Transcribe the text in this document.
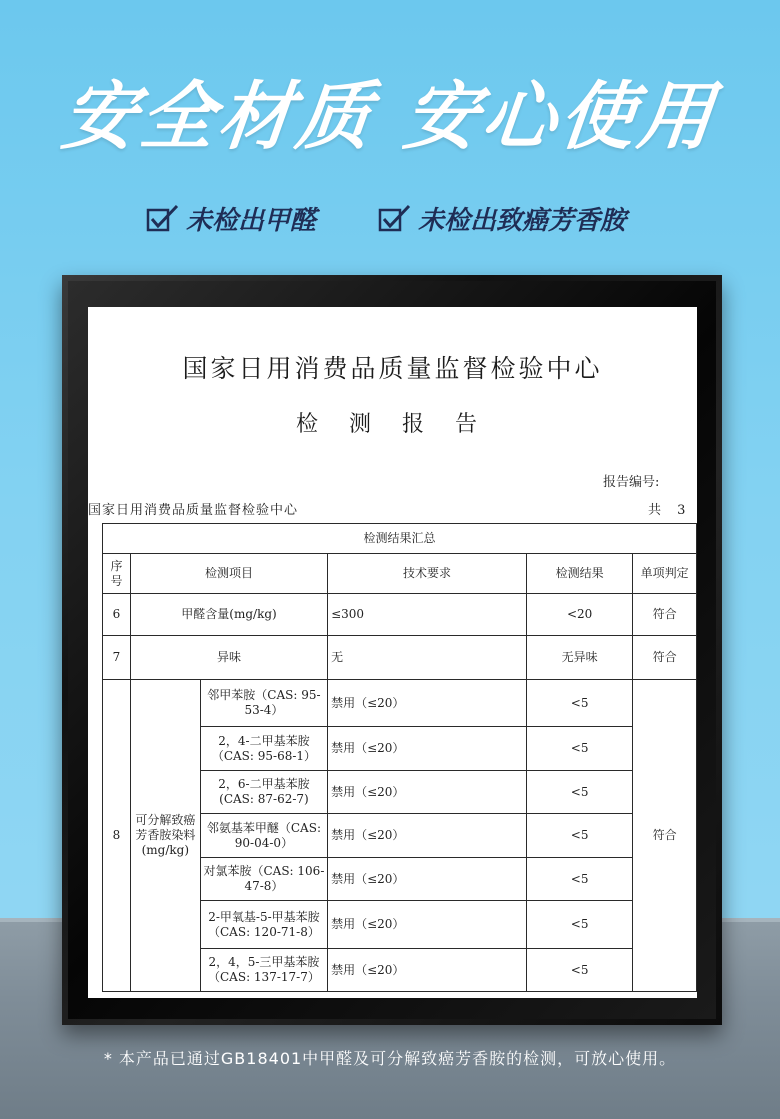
安全材质 安心使用
未检出甲醛	未检出致癌芳香胺
国家日用消费品质量监督检验中心
检 测 报 告
报告编号:
国家日用消费品质量监督检验中心	共 3
检测结果汇总					
序号	检测项目		技术要求	检测结果	单项判定
6	甲醛含量(mg/kg)		≤300	<20	符合
7	异味		无	无异味	符合
8	可分解致癌芳香胺染料(mg/kg)	邻甲苯胺（CAS: 95-53-4）	禁用（≤20）	<5	符合
		2，4-二甲基苯胺（CAS: 95-68-1）	禁用（≤20）	<5	
		2，6-二甲基苯胺(CAS: 87-62-7)	禁用（≤20）	<5	
		邻氨基苯甲醚（CAS: 90-04-0）	禁用（≤20）	<5	
		对氯苯胺（CAS: 106-47-8）	禁用（≤20）	<5	
		2-甲氧基-5-甲基苯胺（CAS: 120-71-8）	禁用（≤20）	<5	
		2，4，5-三甲基苯胺（CAS: 137-17-7）	禁用（≤20）	<5	
* 本产品已通过GB18401中甲醛及可分解致癌芳香胺的检测，可放心使用。
